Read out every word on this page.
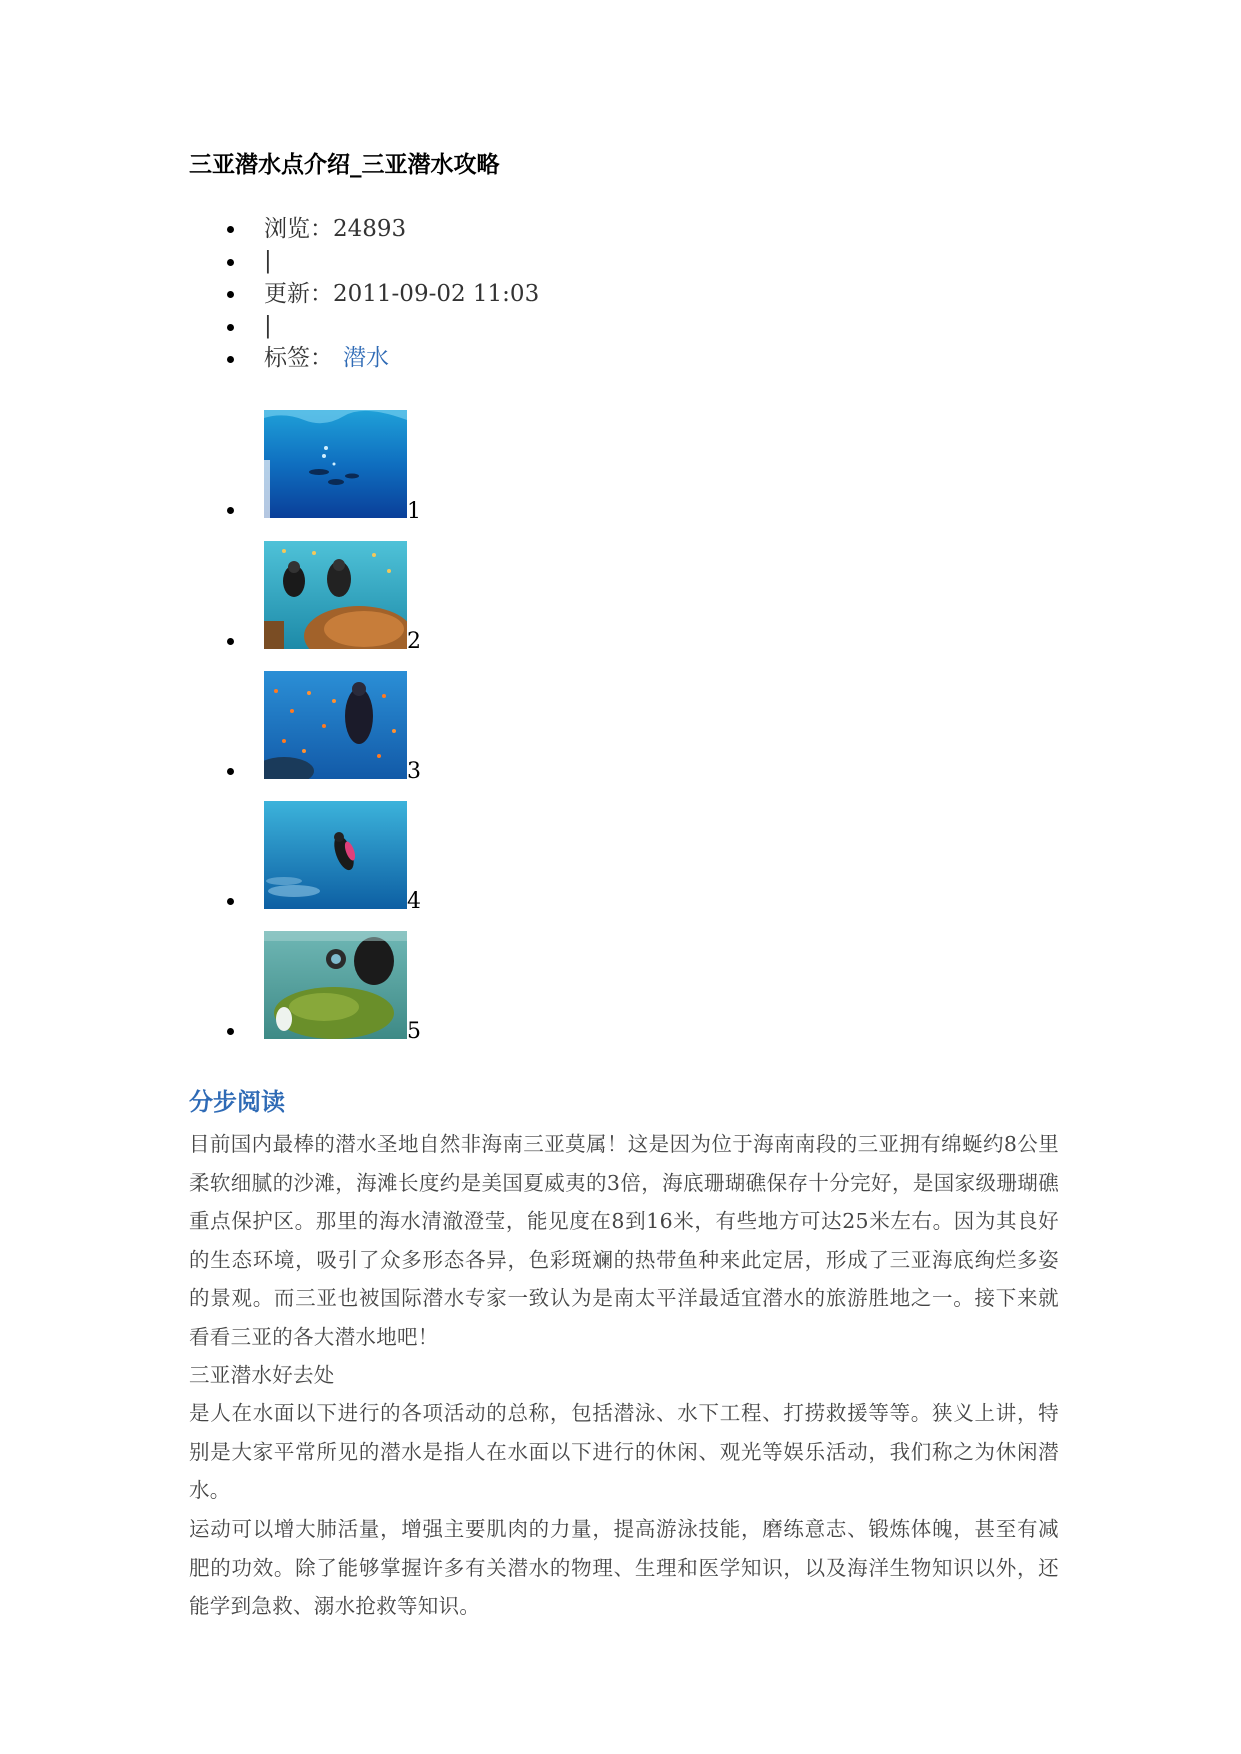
三亚潜水点介绍_三亚潜水攻略
浏览：24893
|
更新：2011-09-02 11:03
|
标签： 潜水
1
2
3
4
5
分步阅读

目前国内最棒的潜水圣地自然非海南三亚莫属！这是因为位于海南南段的三亚拥有绵蜒约8公里柔软细腻的沙滩，海滩长度约是美国夏威夷的3倍，海底珊瑚礁保存十分完好，是国家级珊瑚礁重点保护区。那里的海水清澈澄莹，能见度在8到16米，有些地方可达25米左右。因为其良好的生态环境，吸引了众多形态各异，色彩斑斓的热带鱼种来此定居，形成了三亚海底绚烂多姿的景观。而三亚也被国际潜水专家一致认为是南太平洋最适宜潜水的旅游胜地之一。接下来就看看三亚的各大潜水地吧！

三亚潜水好去处

是人在水面以下进行的各项活动的总称，包括潜泳、水下工程、打捞救援等等。狭义上讲，特别是大家平常所见的潜水是指人在水面以下进行的休闲、观光等娱乐活动，我们称之为休闲潜水。

运动可以增大肺活量，增强主要肌肉的力量，提高游泳技能，磨练意志、锻炼体魄，甚至有减肥的功效。除了能够掌握许多有关潜水的物理、生理和医学知识，以及海洋生物知识以外，还能学到急救、溺水抢救等知识。
